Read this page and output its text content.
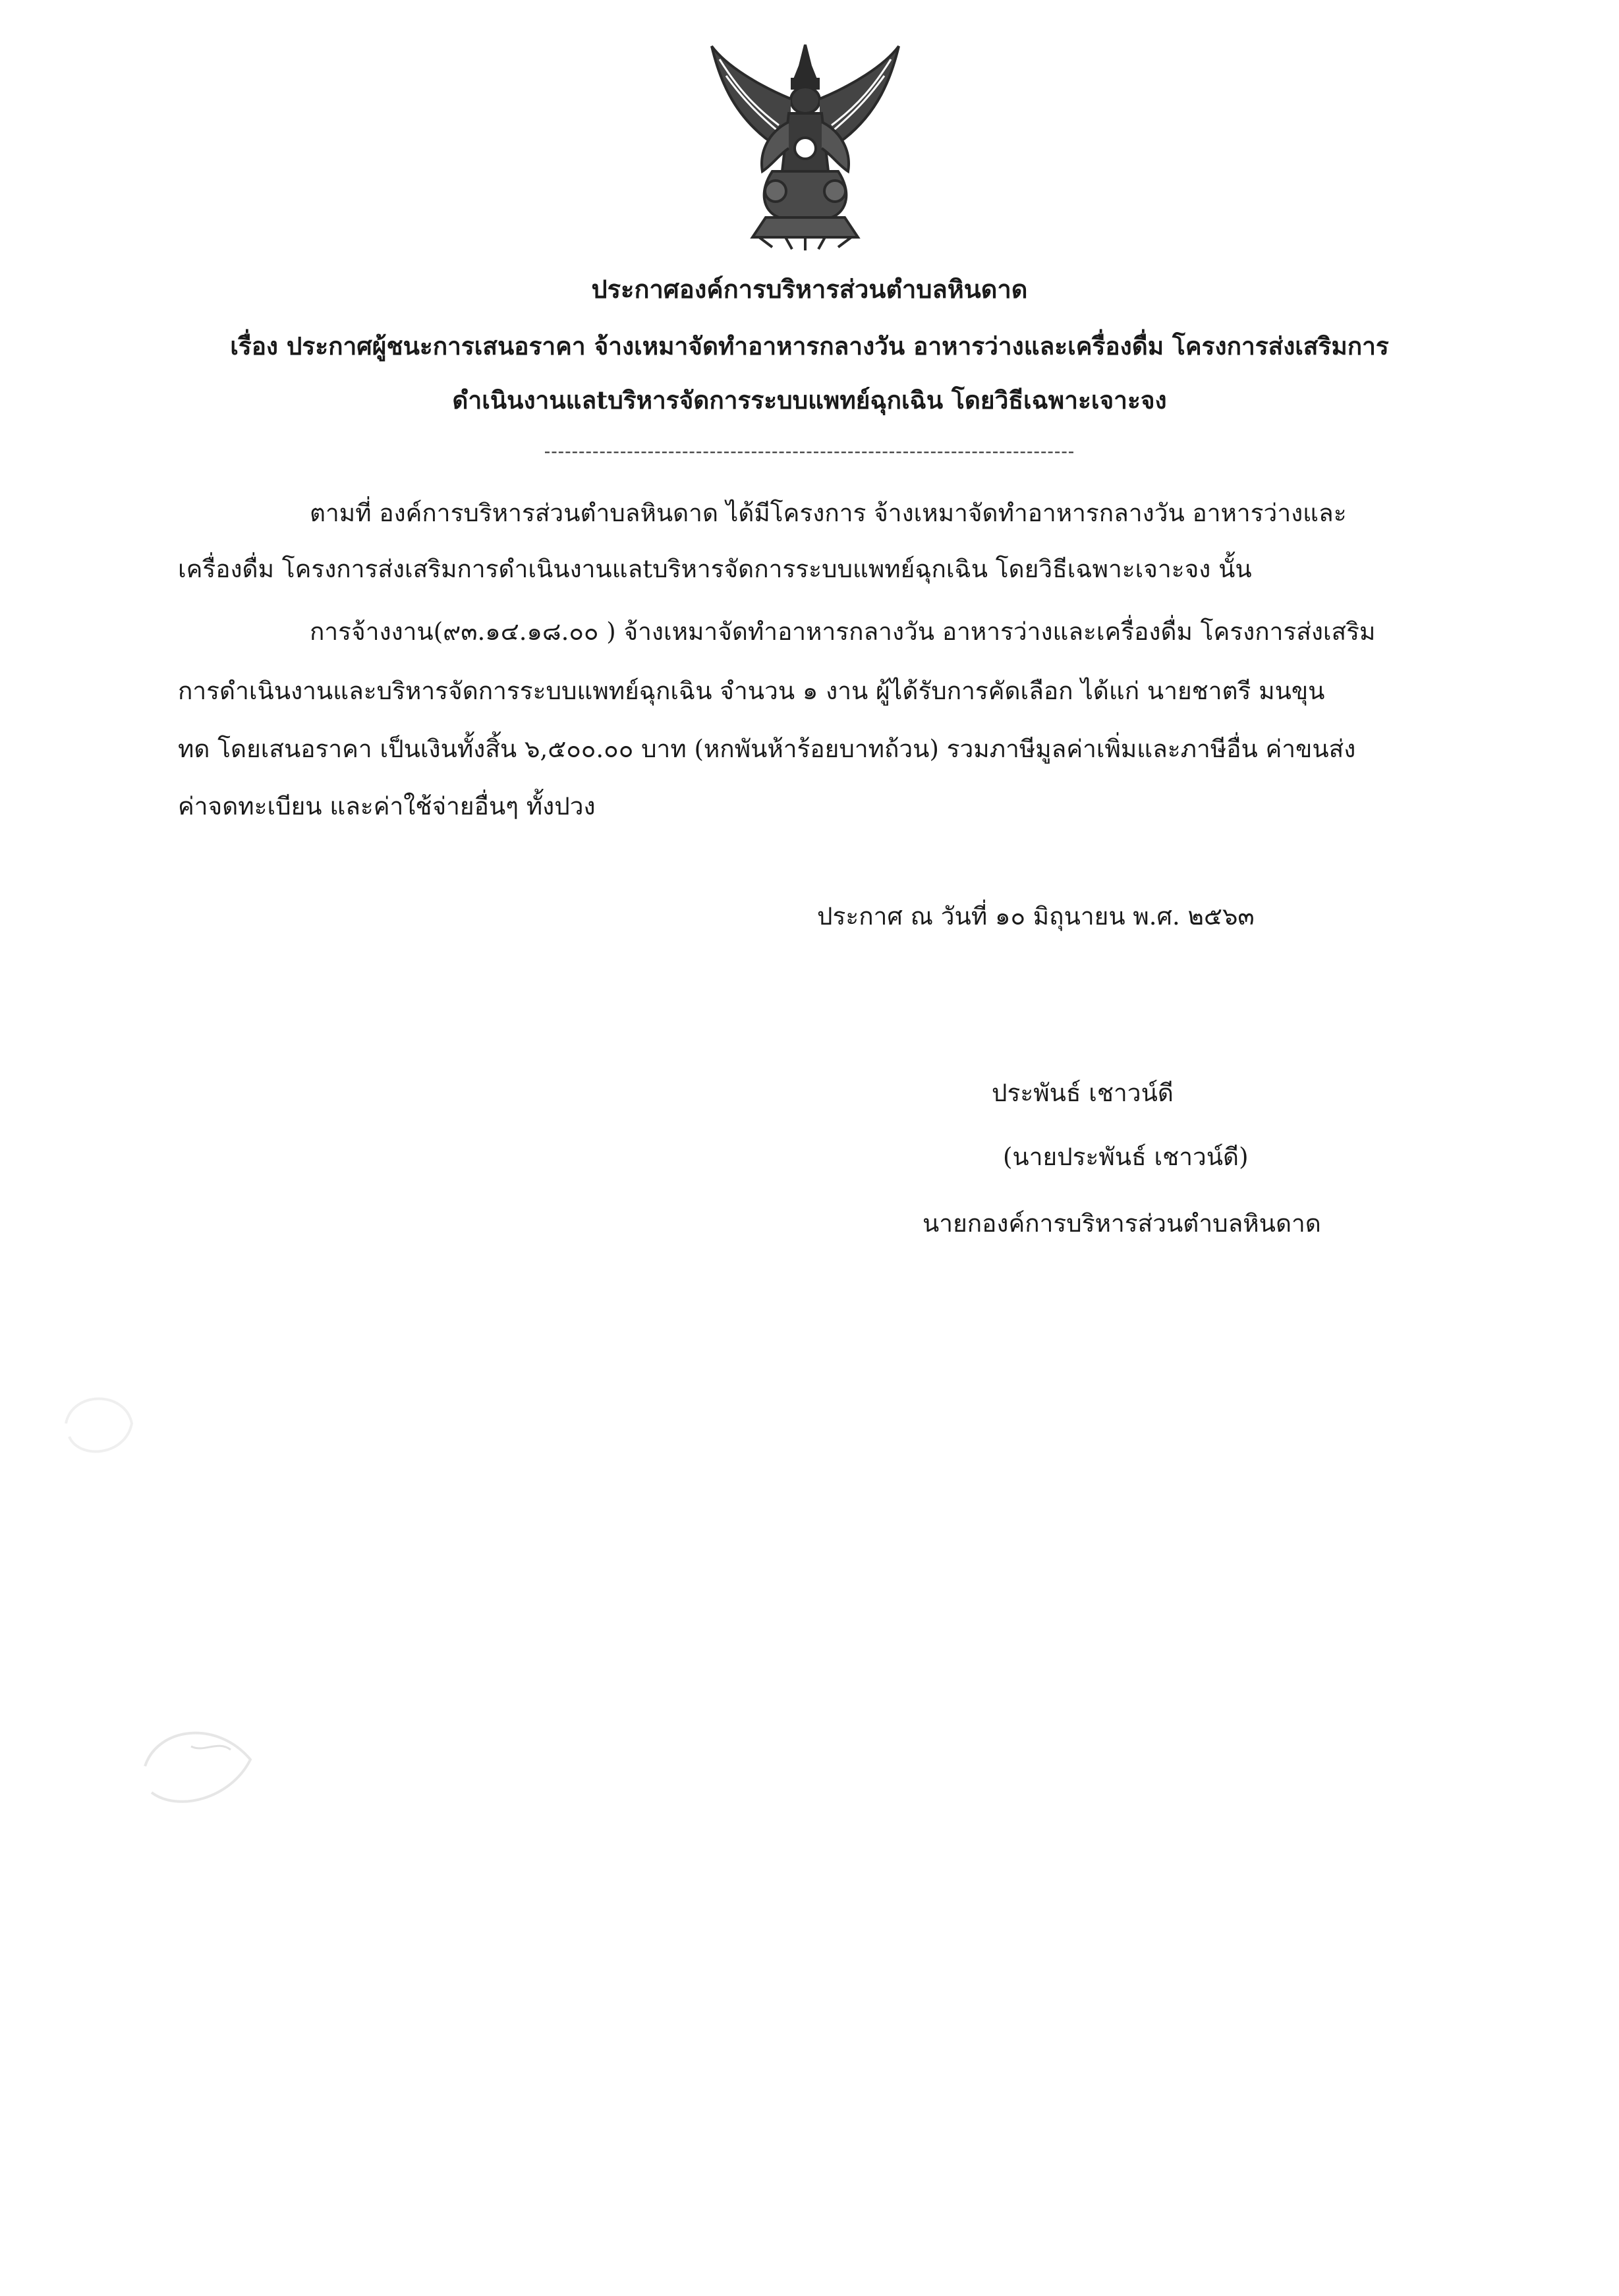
ประกาศองค์การบริหารส่วนตำบลหินดาด
เรื่อง ประกาศผู้ชนะการเสนอราคา จ้างเหมาจัดทำอาหารกลางวัน อาหารว่างและเครื่องดื่ม โครงการส่งเสริมการ
ดำเนินงานแลtบริหารจัดการระบบแพทย์ฉุกเฉิน โดยวิธีเฉพาะเจาะจง
-----------------------------------------------------------------------------
ตามที่ องค์การบริหารส่วนตำบลหินดาด ได้มีโครงการ จ้างเหมาจัดทำอาหารกลางวัน อาหารว่างและ
เครื่องดื่ม โครงการส่งเสริมการดำเนินงานแลtบริหารจัดการระบบแพทย์ฉุกเฉิน โดยวิธีเฉพาะเจาะจง นั้น
การจ้างงาน(๙๓.๑๔.๑๘.๐๐ ) จ้างเหมาจัดทำอาหารกลางวัน อาหารว่างและเครื่องดื่ม โครงการส่งเสริม
การดำเนินงานและบริหารจัดการระบบแพทย์ฉุกเฉิน จำนวน ๑ งาน ผู้ได้รับการคัดเลือก ได้แก่ นายชาตรี มนขุน
ทด โดยเสนอราคา เป็นเงินทั้งสิ้น ๖,๕๐๐.๐๐ บาท (หกพันห้าร้อยบาทถ้วน) รวมภาษีมูลค่าเพิ่มและภาษีอื่น ค่าขนส่ง
ค่าจดทะเบียน และค่าใช้จ่ายอื่นๆ ทั้งปวง
ประกาศ ณ วันที่ ๑๐ มิถุนายน พ.ศ. ๒๕๖๓
ประพันธ์ เชาวน์ดี
(นายประพันธ์ เชาวน์ดี)
นายกองค์การบริหารส่วนตำบลหินดาด
